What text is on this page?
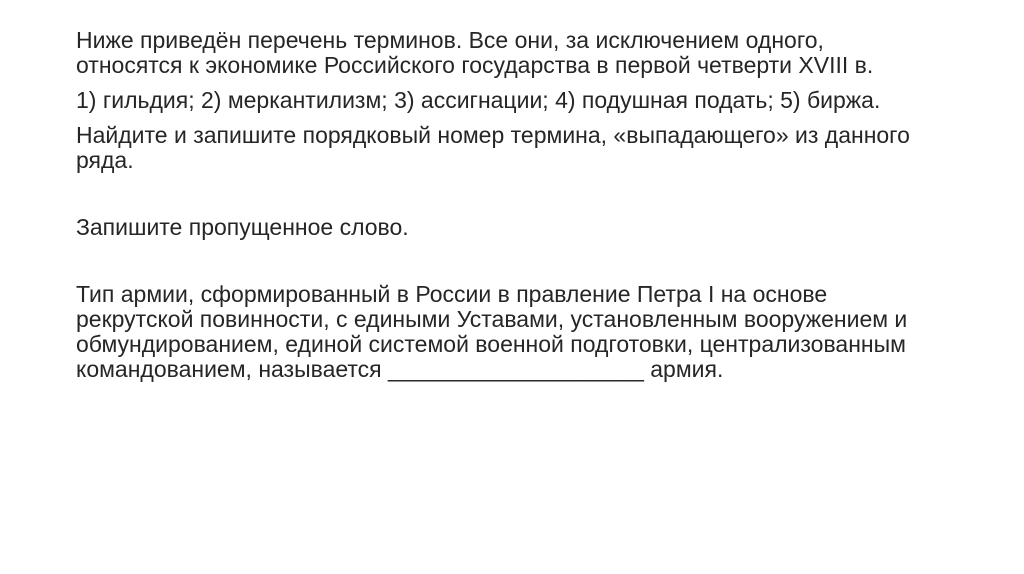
Ниже приведён перечень терминов. Все они, за исключением одного, относятся к экономике Российского государства в первой четверти XVIII в.

1) гильдия; 2) меркантилизм; 3) ассигнации; 4) подушная подать; 5) биржа.

Найдите и запишите порядковый номер термина, «выпадающего» из данного ряда.

Запишите пропущенное слово.

Тип армии, сформированный в России в правление Петра I на основе рекрутской повинности, с едиными Уставами, установленным вооружением и обмундированием, единой системой военной подготовки, централизованным командованием, называется ____________________ армия.
